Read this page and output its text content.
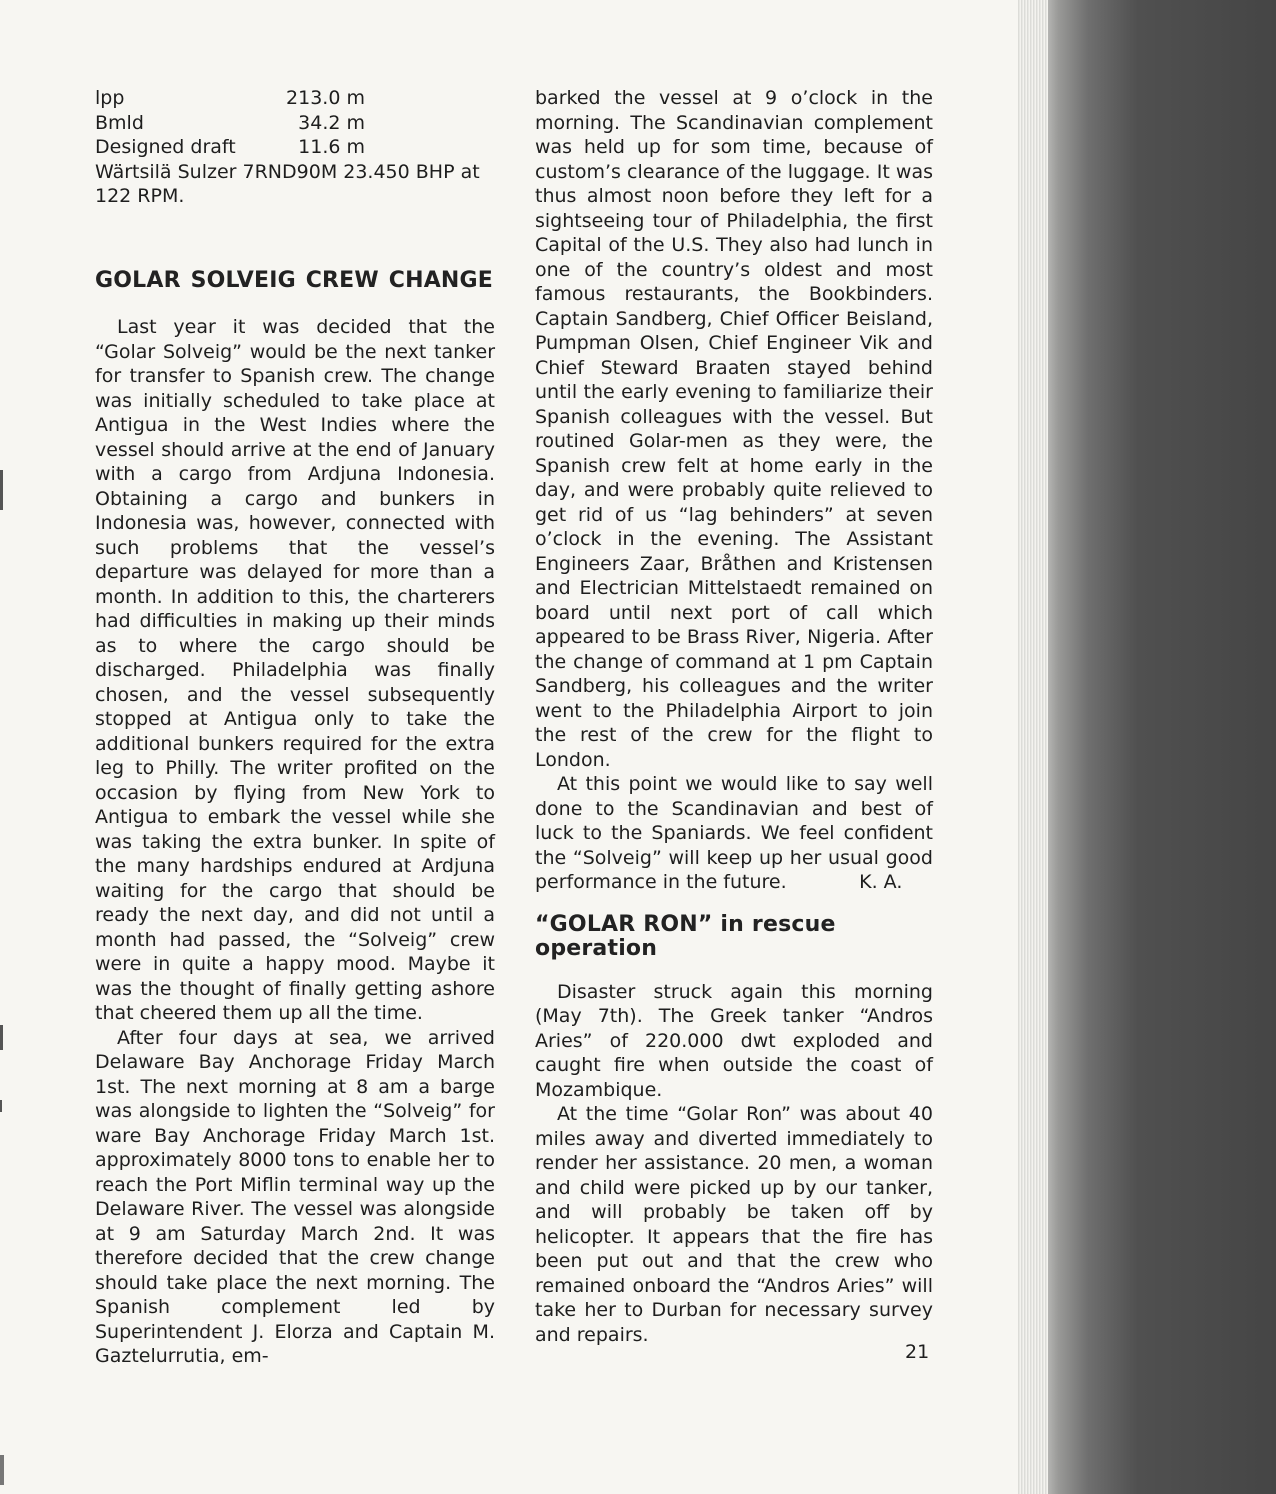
lpp	213.0 m
Bmld	34.2 m
Designed draft	11.6 m
Wärtsilä Sulzer 7RND90M 23.450 BHP at 122 RPM.
GOLAR SOLVEIG CREW CHANGE

Last year it was decided that the “Golar Solveig” would be the next tanker for transfer to Spanish crew. The change was initially scheduled to take place at Antigua in the West Indies where the vessel should arrive at the end of January with a cargo from Ardjuna Indonesia. Obtaining a cargo and bunkers in Indonesia was, however, connected with such problems that the vessel’s departure was delayed for more than a month. In addition to this, the charterers had difficulties in making up their minds as to where the cargo should be discharged. Philadelphia was finally chosen, and the vessel subsequently stopped at Antigua only to take the additional bunkers required for the extra leg to Philly. The writer profited on the occasion by flying from New York to Antigua to embark the vessel while she was taking the extra bunker. In spite of the many hardships endured at Ardjuna waiting for the cargo that should be ready the next day, and did not until a month had passed, the “Solveig” crew were in quite a happy mood. Maybe it was the thought of finally getting ashore that cheered them up all the time.

After four days at sea, we arrived Delaware Bay Anchorage Friday March 1st. The next morning at 8 am a barge was alongside to lighten the “Solveig” for ware Bay Anchorage Friday March 1st. approximately 8000 tons to enable her to reach the Port Miflin terminal way up the Delaware River. The vessel was alongside at 9 am Saturday March 2nd. It was therefore decided that the crew change should take place the next morning. The Spanish complement led by Superintendent J. Elorza and Captain M. Gaztelurrutia, em-

barked the vessel at 9 o’clock in the morning. The Scandinavian complement was held up for som time, because of custom’s clearance of the luggage. It was thus almost noon before they left for a sightseeing tour of Philadelphia, the first Capital of the U.S. They also had lunch in one of the country’s oldest and most famous restaurants, the Bookbinders. Captain Sandberg, Chief Officer Beisland, Pumpman Olsen, Chief Engineer Vik and Chief Steward Braaten stayed behind until the early evening to familiarize their Spanish colleagues with the vessel. But routined Golar-men as they were, the Spanish crew felt at home early in the day, and were probably quite relieved to get rid of us “lag behinders” at seven o’clock in the evening. The Assistant Engineers Zaar, Bråthen and Kristensen and Electrician Mittelstaedt remained on board until next port of call which appeared to be Brass River, Nigeria. After the change of command at 1 pm Captain Sandberg, his colleagues and the writer went to the Philadelphia Airport to join the rest of the crew for the flight to London.

At this point we would like to say well done to the Scandinavian and best of luck to the Spaniards. We feel confident the “Solveig” will keep up her usual good performance in the future.	K. A.

“GOLAR RON” in rescue operation

Disaster struck again this morning (May 7th). The Greek tanker “Andros Aries” of 220.000 dwt exploded and caught fire when outside the coast of Mozambique.

At the time “Golar Ron” was about 40 miles away and diverted immediately to render her assistance. 20 men, a woman and child were picked up by our tanker, and will probably be taken off by helicopter. It appears that the fire has been put out and that the crew who remained onboard the “Andros Aries” will take her to Durban for necessary survey and repairs.

21
